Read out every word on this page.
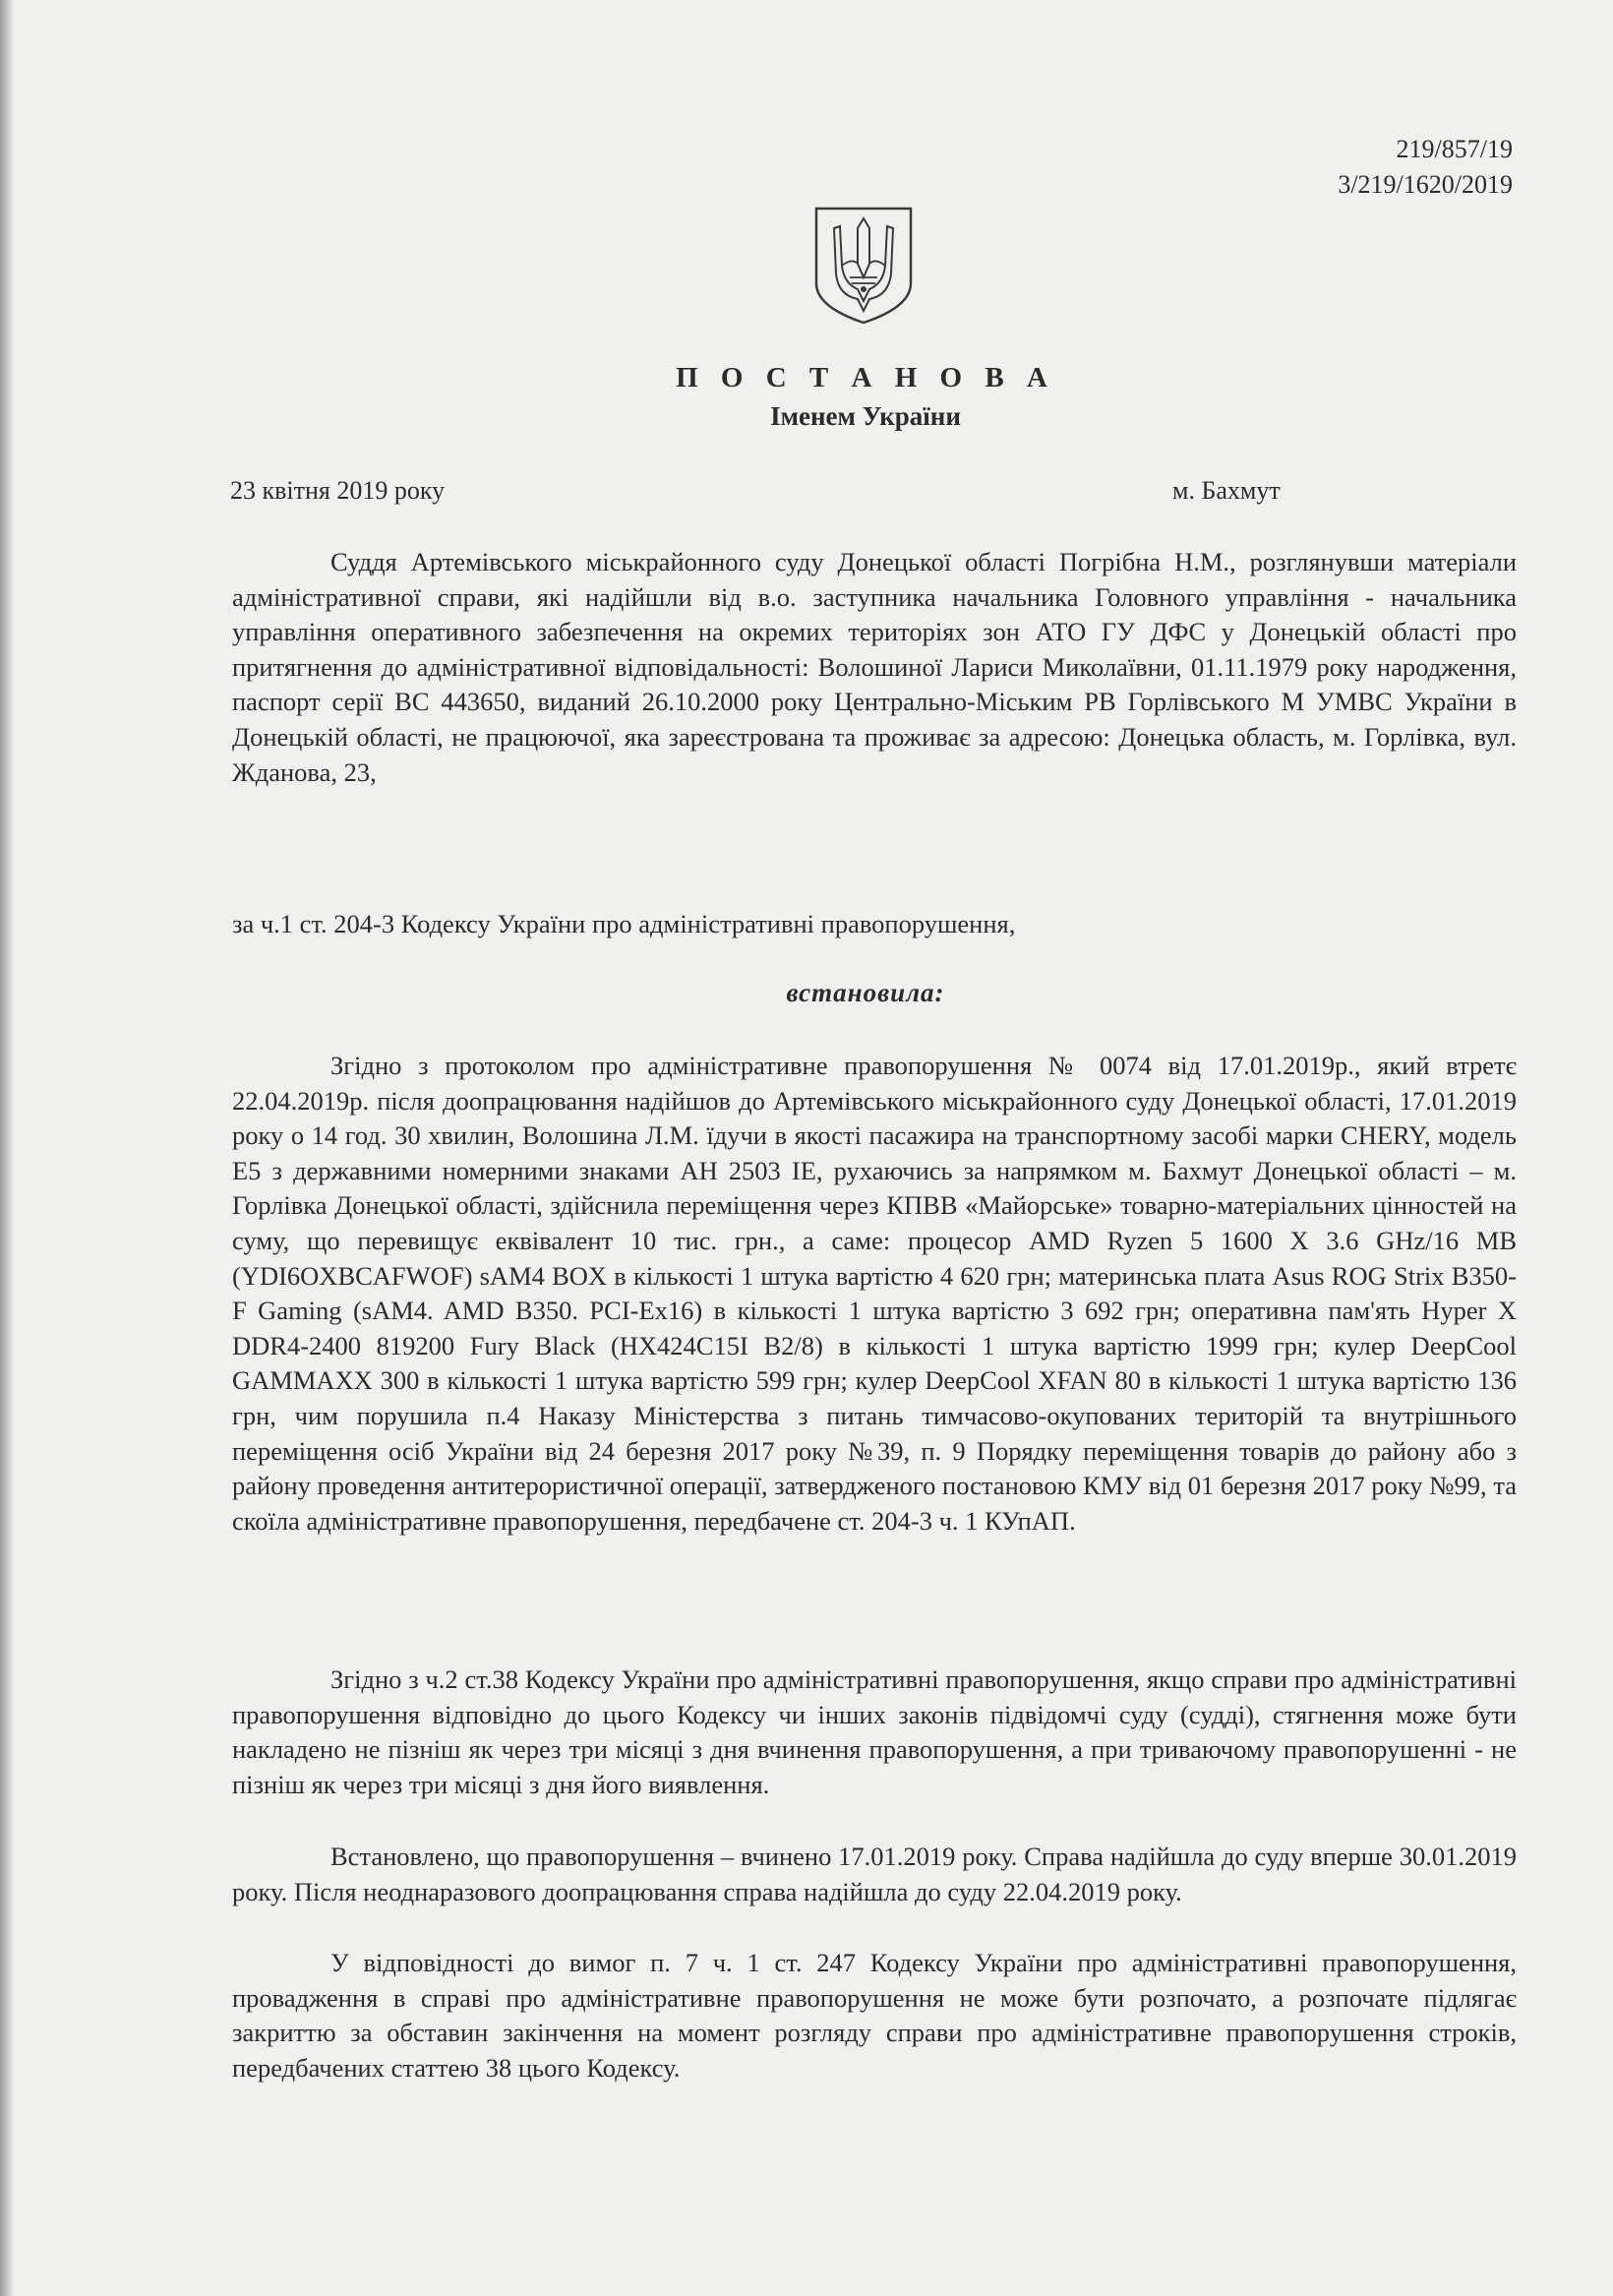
219/857/19
3/219/1620/2019
П О С Т А Н О В А
Іменем України
23 квітня 2019 року	м. Бахмут

Суддя Артемівського міськрайонного суду Донецької області Погрібна Н.М., розглянувши матеріали адміністративної справи, які надійшли від в.о. заступника начальника Головного управління - начальника управління оперативного забезпечення на окремих територіях зон АТО ГУ ДФС у Донецькій області про притягнення до адміністративної відповідальності: Волошиної Лариси Миколаївни, 01.11.1979 року народження, паспорт серії ВС 443650, виданий 26.10.2000 року Центрально-Міським РВ Горлівського М УМВС України в Донецькій області, не працюючої, яка зареєстрована та проживає за адресою: Донецька область, м. Горлівка, вул. Жданова, 23,

за ч.1 ст. 204-3 Кодексу України про адміністративні правопорушення,

встановила:

Згідно з протоколом про адміністративне правопорушення № 0074 від 17.01.2019р., який втретє 22.04.2019р. після доопрацювання надійшов до Артемівського міськрайонного суду Донецької області, 17.01.2019 року о 14 год. 30 хвилин, Волошина Л.М. їдучи в якості пасажира на транспортному засобі марки CHERY, модель E5 з державними номерними знаками АН 2503 IE, рухаючись за напрямком м. Бахмут Донецької області – м. Горлівка Донецької області, здійснила переміщення через КПВВ «Майорське» товарно-матеріальних цінностей на суму, що перевищує еквівалент 10 тис. грн., а саме: процесор AMD Ryzen 5 1600 X 3.6 GHz/16 MB (YDI6OXBCAFWOF) sAM4 BOX в кількості 1 штука вартістю 4 620 грн; материнська плата Asus ROG Strix B350-F Gaming (sAM4. AMD B350. PCI-Ex16) в кількості 1 штука вартістю 3 692 грн; оперативна пам'ять Hyper X DDR4-2400 819200 Fury Black (HX424C15I B2/8) в кількості 1 штука вартістю 1999 грн; кулер DeepCool GAMMAXX 300 в кількості 1 штука вартістю 599 грн; кулер DeepCool XFAN 80 в кількості 1 штука вартістю 136 грн, чим порушила п.4 Наказу Міністерства з питань тимчасово-окупованих територій та внутрішнього переміщення осіб України від 24 березня 2017 року №39, п. 9 Порядку переміщення товарів до району або з району проведення антитерористичної операції, затвердженого постановою КМУ від 01 березня 2017 року №99, та скоїла адміністративне правопорушення, передбачене ст. 204-3 ч. 1 КУпАП.

Згідно з ч.2 ст.38 Кодексу України про адміністративні правопорушення, якщо справи про адміністративні правопорушення відповідно до цього Кодексу чи інших законів підвідомчі суду (судді), стягнення може бути накладено не пізніш як через три місяці з дня вчинення правопорушення, а при триваючому правопорушенні - не пізніш як через три місяці з дня його виявлення.

Встановлено, що правопорушення – вчинено 17.01.2019 року. Справа надійшла до суду вперше 30.01.2019 року. Після неоднаразового доопрацювання справа надійшла до суду 22.04.2019 року.

У відповідності до вимог п. 7 ч. 1 ст. 247 Кодексу України про адміністративні правопорушення, провадження в справі про адміністративне правопорушення не може бути розпочато, а розпочате підлягає закриттю за обставин закінчення на момент розгляду справи про адміністративне правопорушення строків, передбачених статтею 38 цього Кодексу.
